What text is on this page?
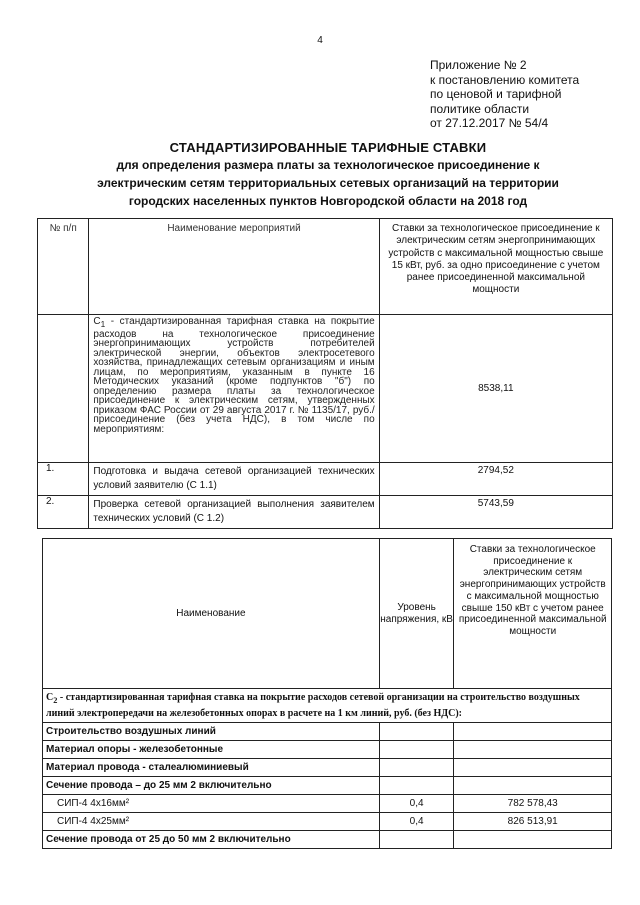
4
Приложение № 2
к постановлению комитета
по ценовой и тарифной
политике области
от 27.12.2017 № 54/4
СТАНДАРТИЗИРОВАННЫЕ ТАРИФНЫЕ СТАВКИ
для определения размера платы за технологическое присоединение к
электрическим сетям территориальных сетевых организаций на территории
городских населенных пунктов Новгородской области на 2018 год
№ п/п	Наименование мероприятий	Ставки за технологическое присоединение к электрическим сетям энергопринимающих устройств с максимальной мощностью свыше 15 кВт, руб. за одно присоединение с учетом ранее присоединенной максимальной мощности
	$С_1$ - стандартизированная тарифная ставка на покрытие расходов на технологическое присоединение энергопринимающих устройств потребителей электрической энергии, объектов электросетевого хозяйства, принадлежащих сетевым организациям и иным лицам, по мероприятиям, указанным в пункте 16 Методических указаний (кроме подпунктов "б") по определению размера платы за технологическое присоединение к электрическим сетям, утвержденных приказом ФАС России от 29 августа 2017 г. № 1135/17, руб./присоединение (без учета НДС), в том числе по мероприятиям:	8538,11
1.	Подготовка и выдача сетевой организацией технических условий заявителю (С 1.1)	2794,52
2.	Проверка сетевой организацией выполнения заявителем технических условий (С 1.2)	5743,59
Наименование	Уровень напряжения, кВ	Ставки за технологическое присоединение к электрическим сетям энергопринимающих устройств с максимальной мощностью свыше 150 кВт с учетом ранее присоединенной максимальной мощности
$С_2$ - стандартизированная тарифная ставка на покрытие расходов сетевой организации на строительство воздушных линий электропередачи на железобетонных опорах в расчете на 1 км линий, руб. (без НДС):		
Строительство воздушных линий		
Материал опоры - железобетонные		
Материал провода - сталеалюминиевый		
Сечение провода – до 25 мм 2 включительно		
СИП-4 4x16мм²	0,4	782 578,43
СИП-4 4x25мм²	0,4	826 513,91
Сечение провода от 25 до 50 мм 2 включительно		
